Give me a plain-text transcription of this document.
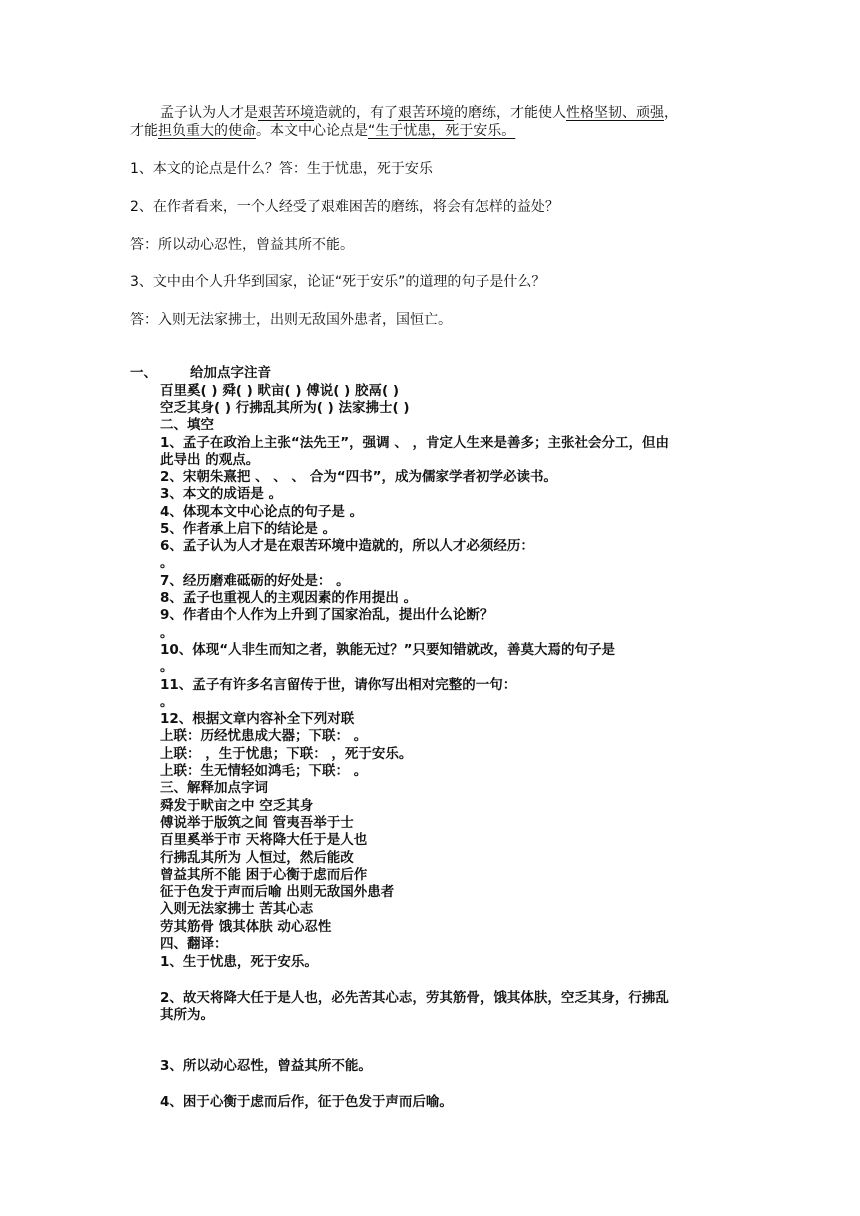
孟子认为人才是艰苦环境造就的，有了艰苦环境的磨练，才能使人性格坚韧、顽强，
才能担负重大的使命。本文中心论点是“生于忧患，死于安乐。
1、本文的论点是什么？答：生于忧患，死于安乐
2、在作者看来，一个人经受了艰难困苦的磨练，将会有怎样的益处？
答：所以动心忍性，曾益其所不能。
3、文中由个人升华到国家，论证“死于安乐”的道理的句子是什么？
答：入则无法家拂士，出则无敌国外患者，国恒亡。
一、 给加点字注音
百里奚( ) 舜( ) 畎亩( ) 傅说( ) 胶鬲( )
空乏其身( ) 行拂乱其所为( ) 法家拂士( )
二、填空
1、孟子在政治上主张“法先王”，强调 、 ，肯定人生来是善多；主张社会分工，但由
此导出 的观点。
2、宋朝朱熹把 、 、 、 合为“四书”，成为儒家学者初学必读书。
3、本文的成语是 。
4、体现本文中心论点的句子是 。
5、作者承上启下的结论是 。
6、孟子认为人才是在艰苦环境中造就的，所以人才必须经历：
。
7、经历磨难砥砺的好处是： 。
8、孟子也重视人的主观因素的作用提出 。
9、作者由个人作为上升到了国家治乱，提出什么论断？
。
10、体现“人非生而知之者，孰能无过？”只要知错就改，善莫大焉的句子是
。
11、孟子有许多名言留传于世，请你写出相对完整的一句：
。
12、根据文章内容补全下列对联
上联：历经忧患成大器；下联： 。
上联： ，生于忧患；下联： ，死于安乐。
上联：生无情轻如鸿毛；下联： 。
三、解释加点字词
舜发于畎亩之中 空乏其身
傅说举于版筑之间 管夷吾举于士
百里奚举于市 天将降大任于是人也
行拂乱其所为 人恒过，然后能改
曾益其所不能 困于心衡于虑而后作
征于色发于声而后喻 出则无敌国外患者
入则无法家拂士 苦其心志
劳其筋骨 饿其体肤 动心忍性
四、翻译：
1、生于忧患，死于安乐。
2、故天将降大任于是人也，必先苦其心志，劳其筋骨，饿其体肤，空乏其身，行拂乱
其所为。
3、所以动心忍性，曾益其所不能。
4、困于心衡于虑而后作，征于色发于声而后喻。
